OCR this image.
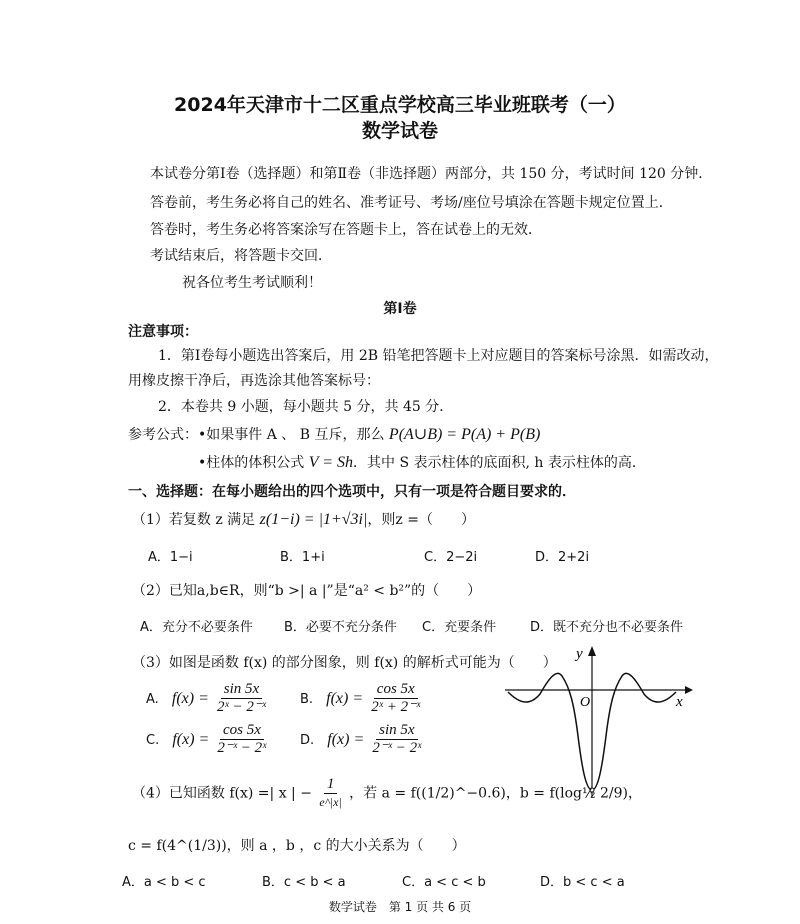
2024年天津市十二区重点学校高三毕业班联考（一）
数学试卷
本试卷分第Ⅰ卷（选择题）和第Ⅱ卷（非选择题）两部分，共 150 分，考试时间 120 分钟．
答卷前，考生务必将自己的姓名、准考证号、考场/座位号填涂在答题卡规定位置上．
答卷时，考生务必将答案涂写在答题卡上，答在试卷上的无效．
考试结束后，将答题卡交回．
祝各位考生考试顺利！
第Ⅰ卷
注意事项：
1．第Ⅰ卷每小题选出答案后，用 2B 铅笔把答题卡上对应题目的答案标号涂黑．如需改动，
用橡皮擦干净后，再选涂其他答案标号：
2．本卷共 9 小题，每小题共 5 分，共 45 分．
参考公式：•如果事件 A 、 B 互斥，那么 P(A∪B) = P(A) + P(B)
•柱体的体积公式 V = Sh．其中 S 表示柱体的底面积, h 表示柱体的高．
一、选择题：在每小题给出的四个选项中，只有一项是符合题目要求的．
（1）若复数 z 满足 z(1−i) = |1+√3i|，则z =（　　）
A．1−i	B．1+i	C．2−2i	D．2+2i
（2）已知a,b∈R，则“b >| a |”是“a² < b²”的（　　）
A．充分不必要条件 B．必要不充分条件 C．充要条件	D．既不充分也不必要条件
（3）如图是函数 f(x) 的部分图象，则 f(x) 的解析式可能为（　　）
A. $f(x) = \frac{\sin 5x}{\text{2ˣ − 2⁻ˣ}} B$. $f(x) = \frac{\cos 5x}{\text{2ˣ + 2⁻ˣ}}$
C. $f(x) = \frac{\cos 5x}{\text{2⁻ˣ − 2ˣ}} D$. $f(x) = \frac{\sin 5x}{\text{2⁻ˣ − 2ˣ}}$
y
x
O
（4）已知函数 f(x) =| x | − $\frac{1}{e\^{}|x|}$ ，若 a = f((1/2)^−0.6)，b = f(log½ 2/9)，
c = f(4^(1/3))，则 a ，b ，c 的大小关系为（　　）
A．a < b < c	B．c < b < a	C．a < c < b	D．b < c < a
数学试卷　第 1 页 共 6 页
